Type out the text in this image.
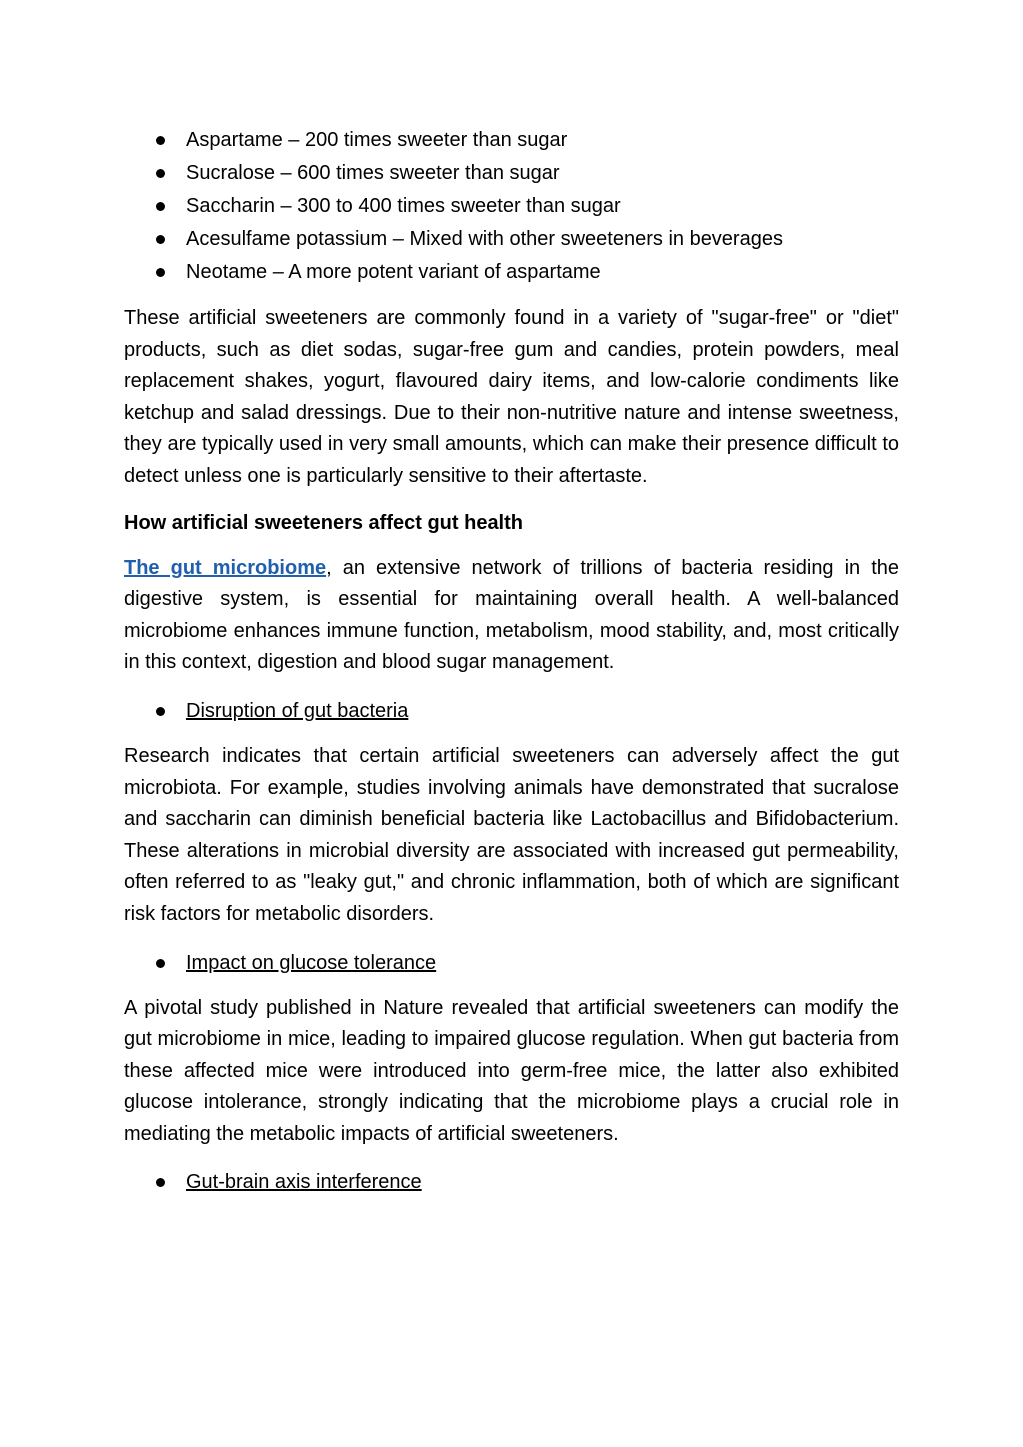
Aspartame – 200 times sweeter than sugar
Sucralose – 600 times sweeter than sugar
Saccharin – 300 to 400 times sweeter than sugar
Acesulfame potassium – Mixed with other sweeteners in beverages
Neotame – A more potent variant of aspartame

These artificial sweeteners are commonly found in a variety of "sugar-free" or "diet" products, such as diet sodas, sugar-free gum and candies, protein powders, meal replacement shakes, yogurt, flavoured dairy items, and low-calorie condiments like ketchup and salad dressings. Due to their non-nutritive nature and intense sweetness, they are typically used in very small amounts, which can make their presence difficult to detect unless one is particularly sensitive to their aftertaste.

How artificial sweeteners affect gut health

The gut microbiome, an extensive network of trillions of bacteria residing in the digestive system, is essential for maintaining overall health. A well-balanced microbiome enhances immune function, metabolism, mood stability, and, most critically in this context, digestion and blood sugar management.

Disruption of gut bacteria

Research indicates that certain artificial sweeteners can adversely affect the gut microbiota. For example, studies involving animals have demonstrated that sucralose and saccharin can diminish beneficial bacteria like Lactobacillus and Bifidobacterium. These alterations in microbial diversity are associated with increased gut permeability, often referred to as "leaky gut," and chronic inflammation, both of which are significant risk factors for metabolic disorders.

Impact on glucose tolerance

A pivotal study published in Nature revealed that artificial sweeteners can modify the gut microbiome in mice, leading to impaired glucose regulation. When gut bacteria from these affected mice were introduced into germ-free mice, the latter also exhibited glucose intolerance, strongly indicating that the microbiome plays a crucial role in mediating the metabolic impacts of artificial sweeteners.

Gut-brain axis interference
